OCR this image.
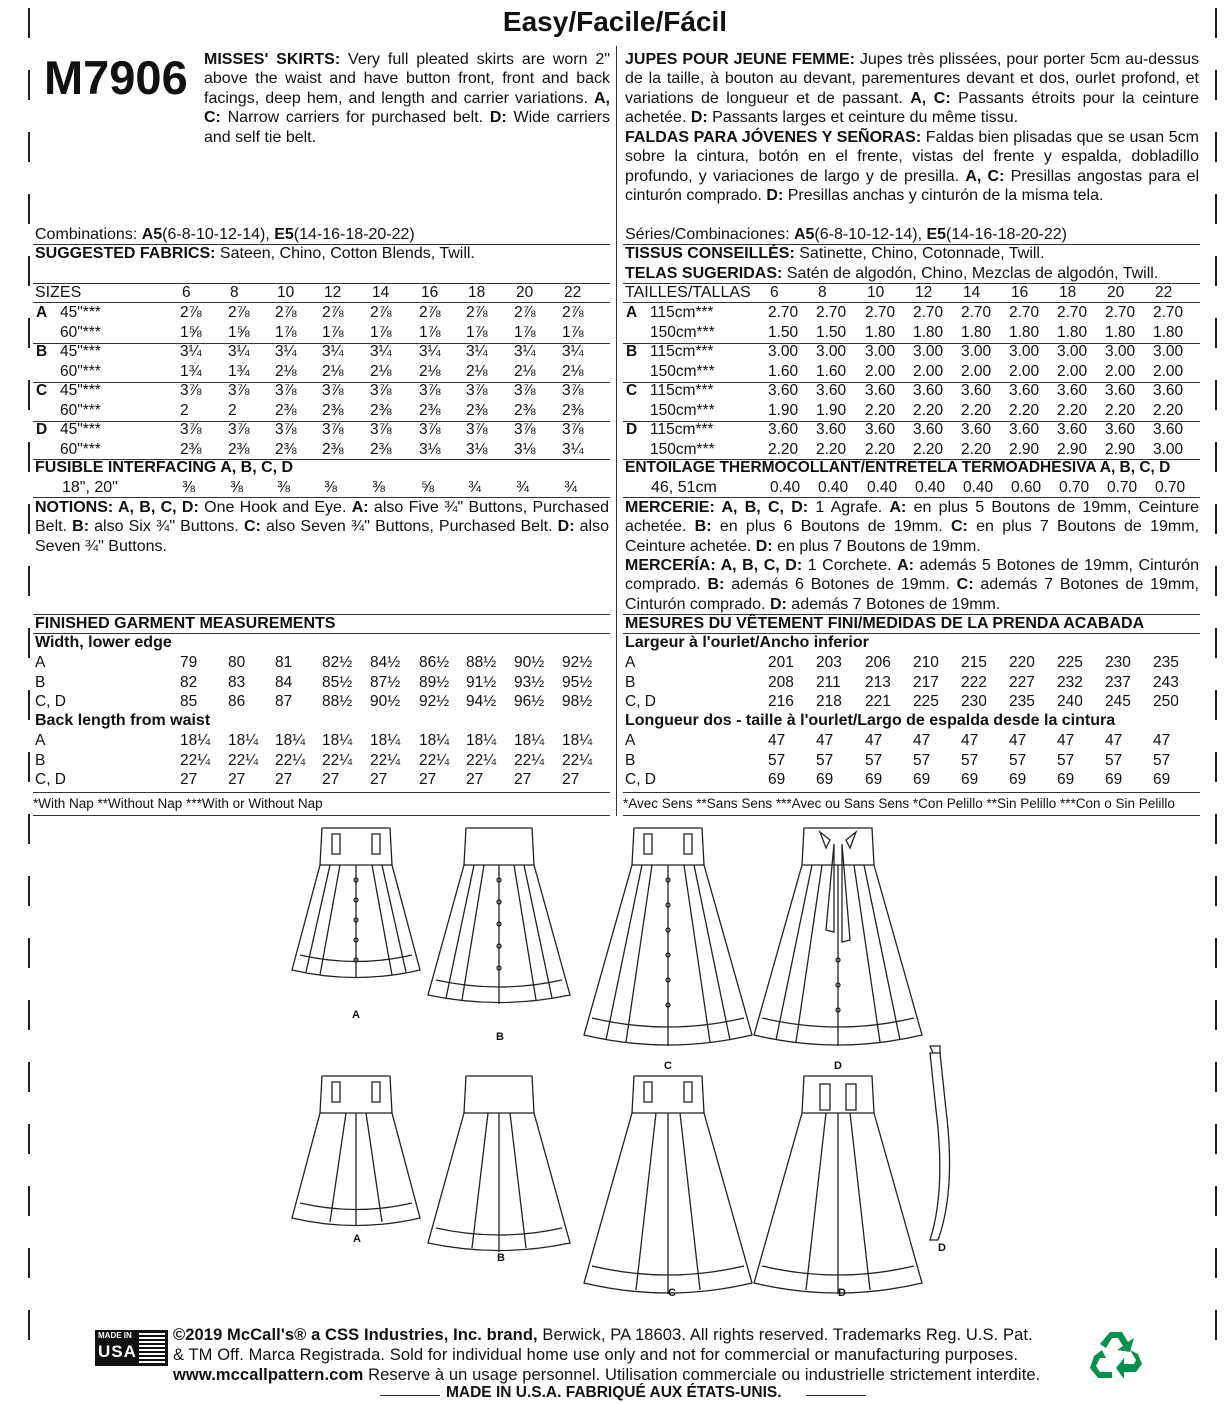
Easy/Facile/Fácil
M7906 MISSES' SKIRTS: Very full pleated skirts are worn 2" above the waist and have button front, front and back facings, deep hem, and length and carrier variations. A, C: Narrow carriers for purchased belt. D: Wide carriers and self tie belt.
JUPES POUR JEUNE FEMME: Jupes très plissées, pour porter 5cm au-dessus de la taille, à bouton au devant, parementures devant et dos, ourlet profond, et variations de longueur et de passant. A, C: Passants étroits pour la ceinture achetée. D: Passants larges et ceinture du même tissu.
FALDAS PARA JÓVENES Y SEÑORAS: Faldas bien plisadas que se usan 5cm sobre la cintura, botón en el frente, vistas del frente y espalda, dobladillo profundo, y variaciones de largo y de presilla. A, C: Presillas angostas para el cinturón comprado. D: Presillas anchas y cinturón de la misma tela.
Combinations: A5(6-8-10-12-14), E5(14-16-18-20-22)
SUGGESTED FABRICS: Sateen, Chino, Cotton Blends, Twill.
SIZES	6	8 10 12 14 16 18 20 22
A 45"***	2⅞ 2⅞ 2⅞ 2⅞ 2⅞ 2⅞ 2⅞ 2⅞ 2⅞
60"***	1⅝ 1⅝ 1⅞ 1⅞ 1⅞ 1⅞ 1⅞ 1⅞ 1⅞
B 45"***	3¼ 3¼ 3¼ 3¼ 3¼ 3¼ 3¼ 3¼ 3¼
60"***	1¾ 1¾ 2⅛ 2⅛ 2⅛ 2⅛ 2⅛ 2⅛ 2⅛
C 45"***	3⅞ 3⅞ 3⅞ 3⅞ 3⅞ 3⅞ 3⅞ 3⅞ 3⅞
60"***	2	2 2⅜ 2⅜ 2⅜ 2⅜ 2⅜ 2⅜ 2⅜
D 45"***	3⅞ 3⅞ 3⅞ 3⅞ 3⅞ 3⅞ 3⅞ 3⅞ 3⅞
60"***	2⅜ 2⅜ 2⅜ 2⅜ 2⅜ 3⅛ 3⅛ 3⅛ 3¼
FUSIBLE INTERFACING A, B, C, D
18", 20"	⅜ ⅜ ⅜ ⅜ ⅜ ⅝ ¾ ¾ ¾
NOTIONS: A, B, C, D: One Hook and Eye. A: also Five ¾" Buttons, Purchased Belt. B: also Six ¾" Buttons. C: also Seven ¾" Buttons, Purchased Belt. D: also Seven ¾" Buttons.
FINISHED GARMENT MEASUREMENTS
Width, lower edge
A	79 80 81 82½ 84½ 86½ 88½ 90½ 92½
B	82 83 84 85½ 87½ 89½ 91½ 93½ 95½
C, D	85 86 87 88½ 90½ 92½ 94½ 96½ 98½
Back length from waist
A	18¼ 18¼ 18¼ 18¼ 18¼ 18¼ 18¼ 18¼ 18¼
B	22¼ 22¼ 22¼ 22¼ 22¼ 22¼ 22¼ 22¼ 22¼
C, D	27 27 27 27 27 27 27 27 27
*With Nap **Without Nap ***With or Without Nap
Séries/Combinaciones: A5(6-8-10-12-14), E5(14-16-18-20-22)
TISSUS CONSEILLÉS: Satinette, Chino, Cotonnade, Twill.
TELAS SUGERIDAS: Satén de algodón, Chino, Mezclas de algodón, Twill.
TAILLES/TALLAS 6	8	10 12 14 16 18 20 22
A 115cm***	2.70 2.70 2.70 2.70 2.70 2.70 2.70 2.70 2.70
150cm***	1.50 1.50 1.80 1.80 1.80 1.80 1.80 1.80 1.80
B 115cm***	3.00 3.00 3.00 3.00 3.00 3.00 3.00 3.00 3.00
150cm***	1.60 1.60 2.00 2.00 2.00 2.00 2.00 2.00 2.00
C 115cm***	3.60 3.60 3.60 3.60 3.60 3.60 3.60 3.60 3.60
150cm***	1.90 1.90 2.20 2.20 2.20 2.20 2.20 2.20 2.20
D 115cm***	3.60 3.60 3.60 3.60 3.60 3.60 3.60 3.60 3.60
150cm***	2.20 2.20 2.20 2.20 2.20 2.90 2.90 2.90 3.00
ENTOILAGE THERMOCOLLANT/ENTRETELA TERMOADHESIVA A, B, C, D
46, 51cm	0.40 0.40 0.40 0.40 0.40 0.60 0.70 0.70 0.70
MERCERIE: A, B, C, D: 1 Agrafe. A: en plus 5 Boutons de 19mm, Ceinture achetée. B: en plus 6 Boutons de 19mm. C: en plus 7 Boutons de 19mm, Ceinture achetée. D: en plus 7 Boutons de 19mm.
MERCERÍA: A, B, C, D: 1 Corchete. A: además 5 Botones de 19mm, Cinturón comprado. B: además 6 Botones de 19mm. C: además 7 Botones de 19mm, Cinturón comprado. D: además 7 Botones de 19mm.
MESURES DU VÊTEMENT FINI/MEDIDAS DE LA PRENDA ACABADA
Largeur à l'ourlet/Ancho inferior
A	201 203 206 210 215 220 225 230 235
B	208 211 213 217 222 227 232 237 243
C, D	216 218 221 225 230 235 240 245 250
Longueur dos - taille à l'ourlet/Largo de espalda desde la cintura
A	47 47 47 47 47 47 47 47 47
B	57 57 57 57 57 57 57 57 57
C, D	69 69 69 69 69 69 69 69 69
*Avec Sens **Sans Sens ***Avec ou Sans Sens *Con Pelillo **Sin Pelillo ***Con o Sin Pelillo
A
B
C	D
A
B
C	D
D
MADE IN
USA
©2019 McCall's® a CSS Industries, Inc. brand, Berwick, PA 18603. All rights reserved. Trademarks Reg. U.S. Pat.
& TM Off. Marca Registrada. Sold for individual home use only and not for commercial or manufacturing purposes.
www.mccallpattern.com Reserve à un usage personnel. Utilisation commerciale ou industrielle strictement interdite.
MADE IN U.S.A. FABRIQUÉ AUX ÉTATS-UNIS.
